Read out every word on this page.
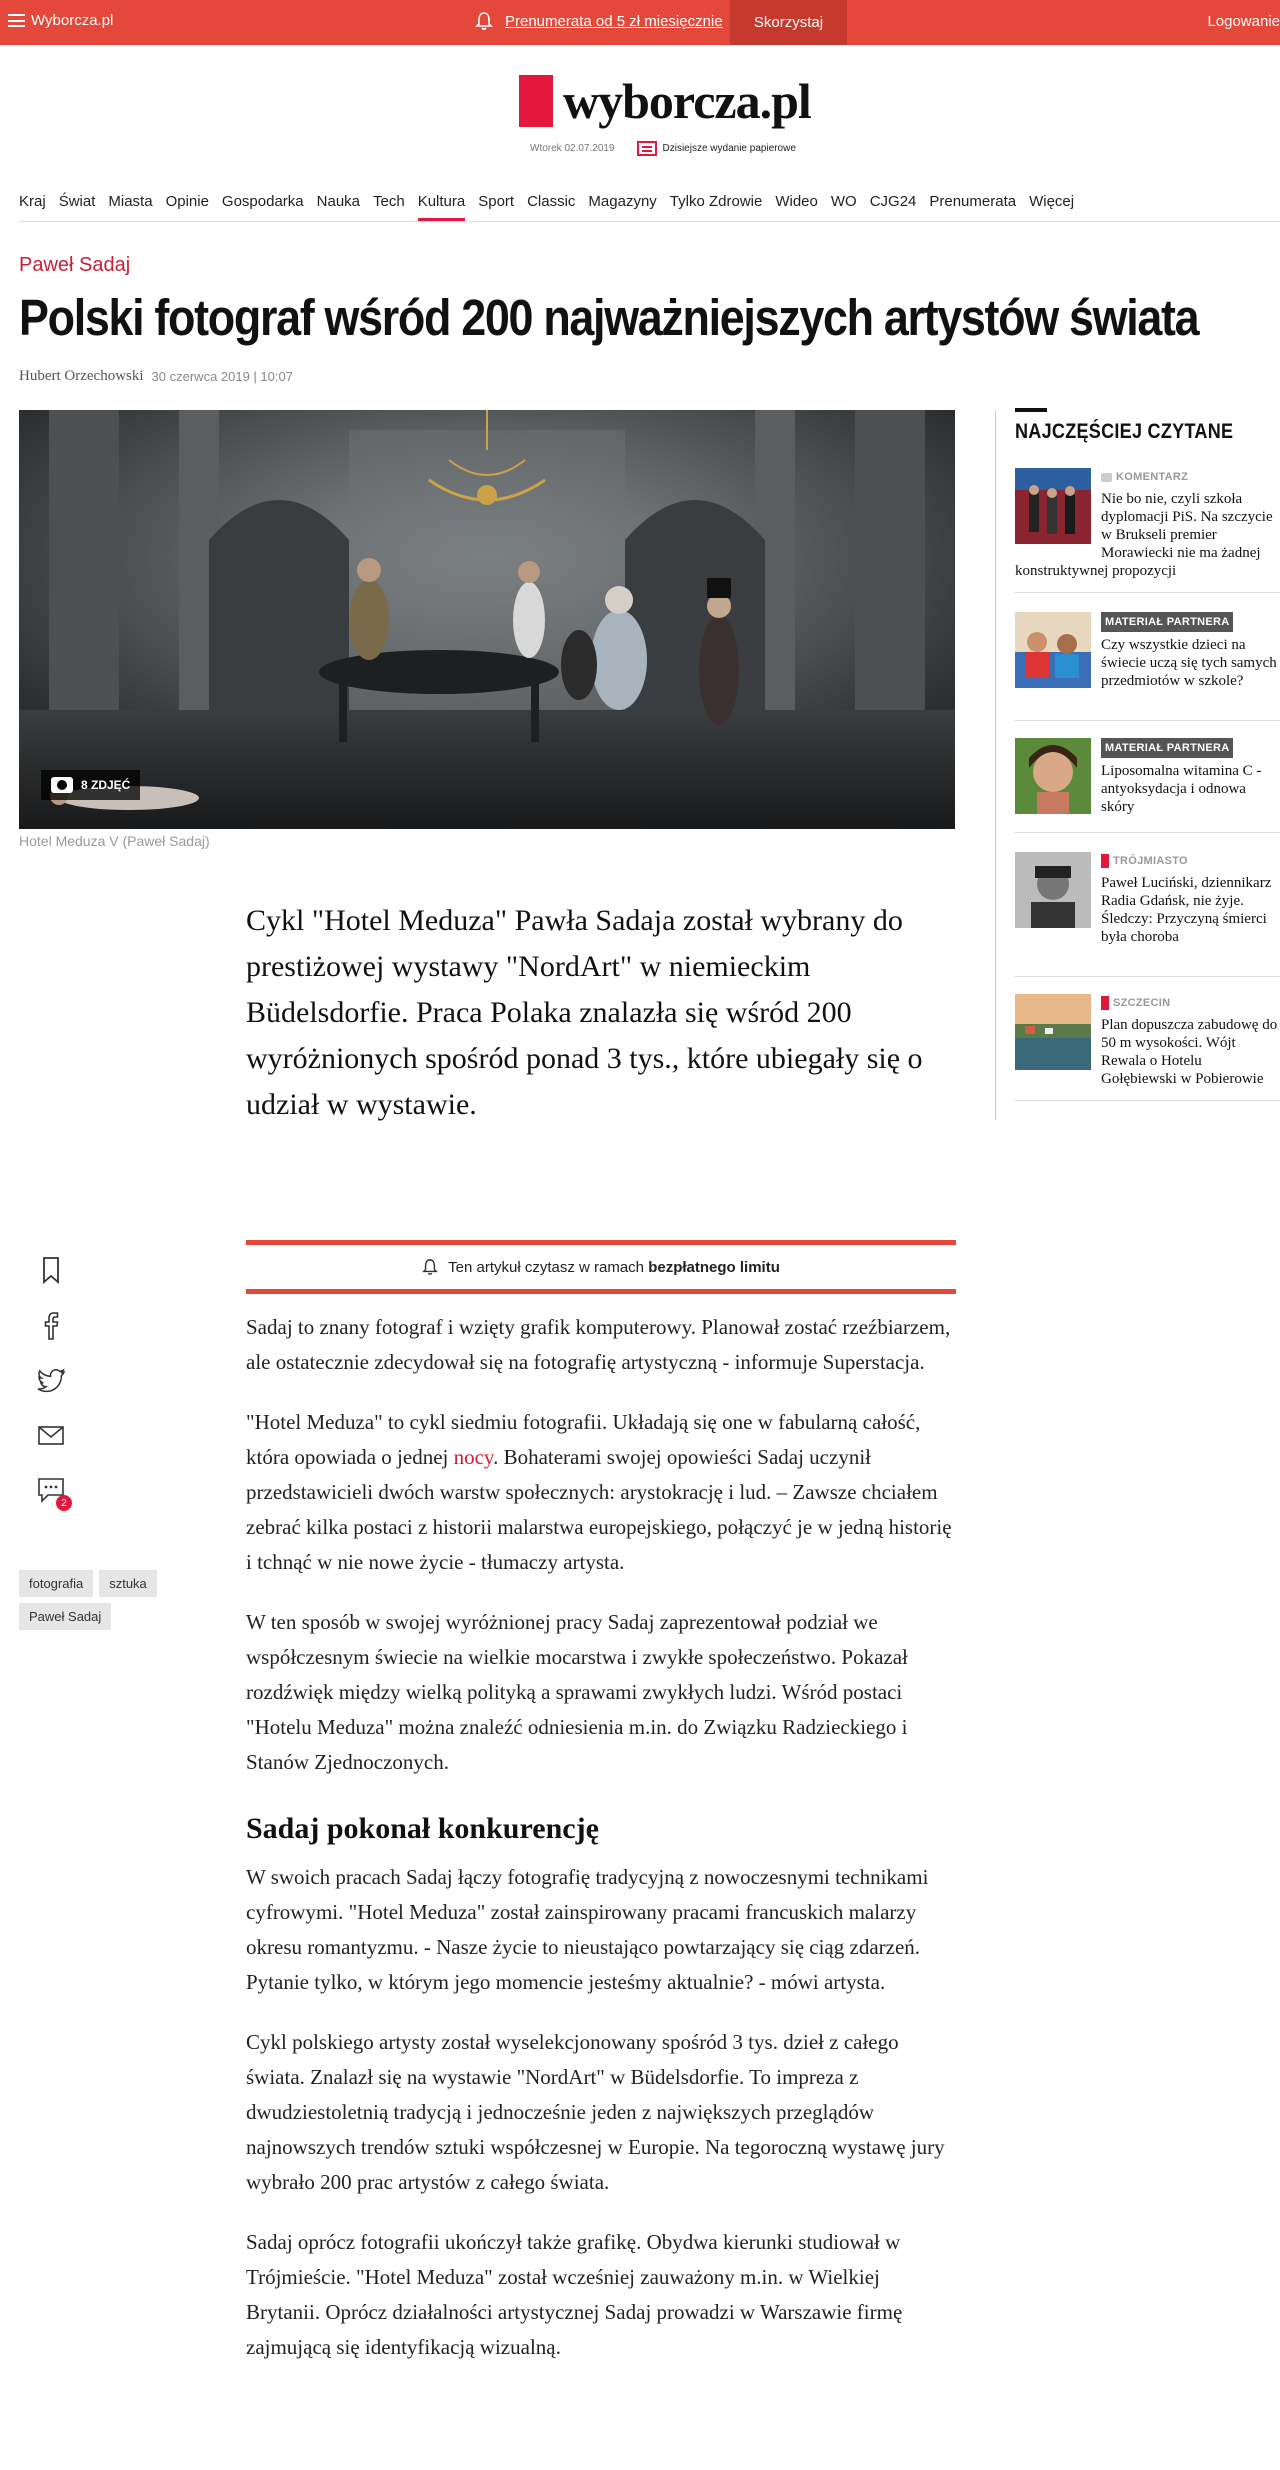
Wyborcza.pl	Prenumerata od 5 zł miesięcznie	Skorzystaj	Logowanie
wyborcza.pl
Wtorek 02.07.2019	Dzisiejsze wydanie papierowe
Kraj Świat Miasta Opinie Gospodarka Nauka Tech Kultura Sport Classic Magazyny Tylko Zdrowie Wideo WO CJG24 Prenumerata Więcej
Paweł Sadaj
Polski fotograf wśród 200 najważniejszych artystów świata
Hubert Orzechowski 30 czerwca 2019 | 10:07
8 ZDJĘĆ
Hotel Meduza V (Paweł Sadaj)

Cykl "Hotel Meduza" Pawła Sadaja został wybrany do prestiżowej wystawy "NordArt" w niemieckim Büdelsdorfie. Praca Polaka znalazła się wśród 200 wyróżnionych spośród ponad 3 tys., które ubiegały się o udział w wystawie.

2
fotografia	sztuka
Paweł Sadaj
Ten artykuł czytasz w ramach bezpłatnego limitu

Sadaj to znany fotograf i wzięty grafik komputerowy. Planował zostać rzeźbiarzem, ale ostatecznie zdecydował się na fotografię artystyczną - informuje Superstacja.

"Hotel Meduza" to cykl siedmiu fotografii. Układają się one w fabularną całość, która opowiada o jednej nocy. Bohaterami swojej opowieści Sadaj uczynił przedstawicieli dwóch warstw społecznych: arystokrację i lud. – Zawsze chciałem zebrać kilka postaci z historii malarstwa europejskiego, połączyć je w jedną historię i tchnąć w nie nowe życie - tłumaczy artysta.

W ten sposób w swojej wyróżnionej pracy Sadaj zaprezentował podział we współczesnym świecie na wielkie mocarstwa i zwykłe społeczeństwo. Pokazał rozdźwięk między wielką polityką a sprawami zwykłych ludzi. Wśród postaci "Hotelu Meduza" można znaleźć odniesienia m.in. do Związku Radzieckiego i Stanów Zjednoczonych.

Sadaj pokonał konkurencję

W swoich pracach Sadaj łączy fotografię tradycyjną z nowoczesnymi technikami cyfrowymi. "Hotel Meduza" został zainspirowany pracami francuskich malarzy okresu romantyzmu. - Nasze życie to nieustająco powtarzający się ciąg zdarzeń. Pytanie tylko, w którym jego momencie jesteśmy aktualnie? - mówi artysta.

Cykl polskiego artysty został wyselekcjonowany spośród 3 tys. dzieł z całego świata. Znalazł się na wystawie "NordArt" w Büdelsdorfie. To impreza z dwudziestoletnią tradycją i jednocześnie jeden z największych przeglądów najnowszych trendów sztuki współczesnej w Europie. Na tegoroczną wystawę jury wybrało 200 prac artystów z całego świata.

Sadaj oprócz fotografii ukończył także grafikę. Obydwa kierunki studiował w Trójmieście. "Hotel Meduza" został wcześniej zauważony m.in. w Wielkiej Brytanii. Oprócz działalności artystycznej Sadaj prowadzi w Warszawie firmę zajmującą się identyfikacją wizualną.

NAJCZĘŚCIEJ CZYTANE
KOMENTARZ

Nie bo nie, czyli szkoła dyplomacji PiS. Na szczycie w Brukseli premier Morawiecki nie ma żadnej konstruktywnej propozycji
MATERIAŁ PARTNERA

Czy wszystkie dzieci na świecie uczą się tych samych przedmiotów w szkole?
MATERIAŁ PARTNERA

Liposomalna witamina C - antyoksydacja i odnowa skóry
TRÓJMIASTO
Paweł Luciński, dziennikarz Radia Gdańsk, nie żyje. Śledczy: Przyczyną śmierci była choroba
SZCZECIN
Plan dopuszcza zabudowę do 50 m wysokości. Wójt Rewala o Hotelu Gołębiewski w Pobierowie
